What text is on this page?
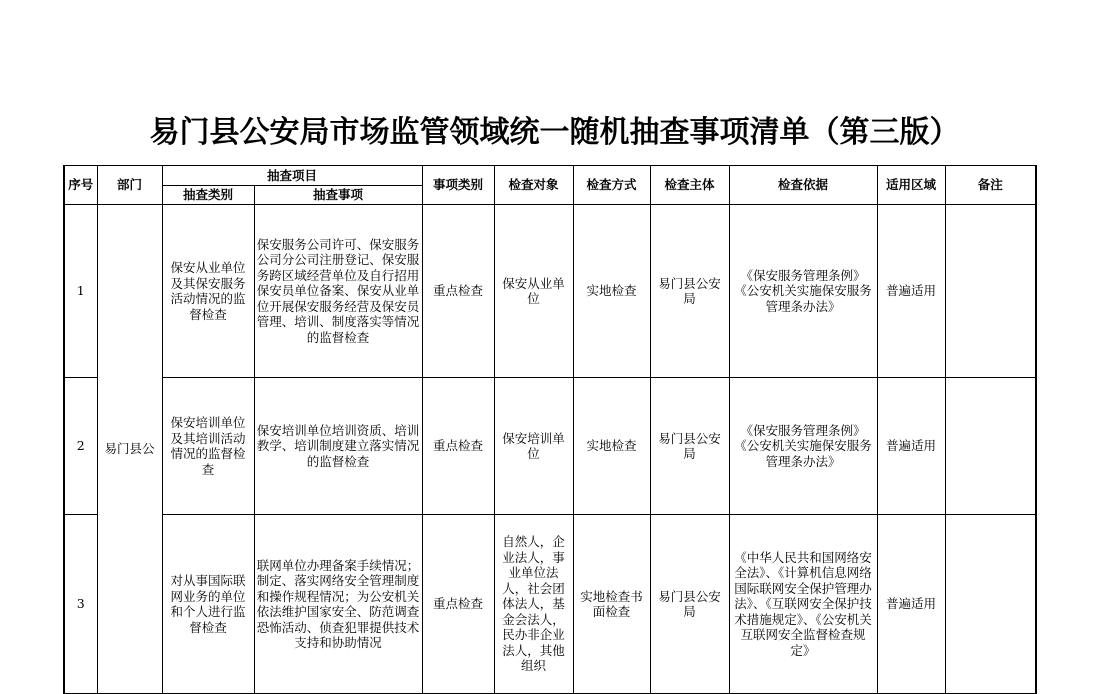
易门县公安局市场监管领域统一随机抽查事项清单（第三版）
序号	部门	抽查项目		事项类别	检查对象	检查方式	检查主体	检查依据	适用区域	备注
		抽查类别	抽查事项							
1	易门县公	保安从业单位及其保安服务活动情况的监督检查	保安服务公司许可、保安服务公司分公司注册登记、保安服务跨区域经营单位及自行招用保安员单位备案、保安从业单位开展保安服务经营及保安员管理、培训、制度落实等情况的监督检查	重点检查	保安从业单位	实地检查	易门县公安局	《保安服务管理条例》《公安机关实施保安服务管理条办法》	普遍适用	
2		保安培训单位及其培训活动情况的监督检查	保安培训单位培训资质、培训教学、培训制度建立落实情况的监督检查	重点检查	保安培训单位	实地检查	易门县公安局	《保安服务管理条例》《公安机关实施保安服务管理条办法》	普遍适用	
3		对从事国际联网业务的单位和个人进行监督检查	联网单位办理备案手续情况；制定、落实网络安全管理制度和操作规程情况；为公安机关依法维护国家安全、防范调查恐怖活动、侦查犯罪提供技术支持和协助情况	重点检查	自然人，企业法人，事业单位法人，社会团体法人，基金会法人，民办非企业法人，其他组织	实地检查书面检查	易门县公安局	《中华人民共和国网络安全法》、《计算机信息网络国际联网安全保护管理办法》、《互联网安全保护技术措施规定》、《公安机关互联网安全监督检查规定》	普遍适用	
